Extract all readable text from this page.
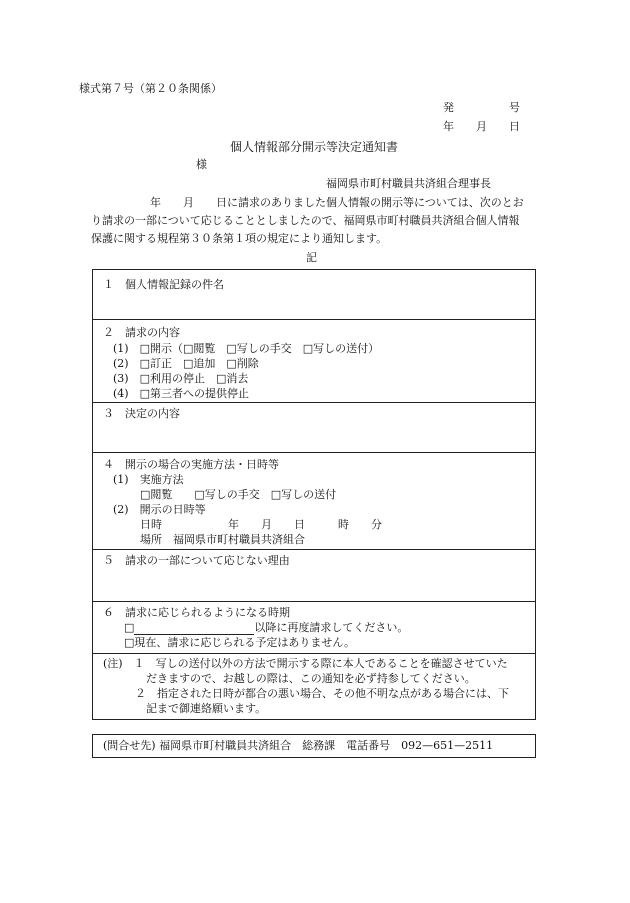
様式第７号（第２０条関係）
発　　　　　号
年　　月　　日
個人情報部分開示等決定通知書
様
福岡県市町村職員共済組合理事長
年　　月　　日に請求のありました個人情報の開示等については、次のとお
り請求の一部について応じることとしましたので、福岡県市町村職員共済組合個人情報
保護に関する規程第３０条第１項の規定により通知します。
記
１　個人情報記録の件名
２　請求の内容
(1)　□開示（□閲覧　□写しの手交　□写しの送付）
(2)　□訂正　□追加　□削除
(3)　□利用の停止　□消去
(4)　□第三者への提供停止
３　決定の内容
４　開示の場合の実施方法・日時等
(1)　実施方法
□閲覧　　□写しの手交　□写しの送付
(2)　開示の日時等
日時　　　　　　年　　月　　日　　　時　　分
場所　福岡県市町村職員共済組合
５　請求の一部について応じない理由
６　請求に応じられるようになる時期
□	以降に再度請求してください。
□現在、請求に応じられる予定はありません。
(注)　１　写しの送付以外の方法で開示する際に本人であることを確認させていた
だきますので、お越しの際は、この通知を必ず持参してください。
２　指定された日時が都合の悪い場合、その他不明な点がある場合には、下
記まで御連絡願います。
(問合せ先) 福岡県市町村職員共済組合　総務課　電話番号　092—651—2511
